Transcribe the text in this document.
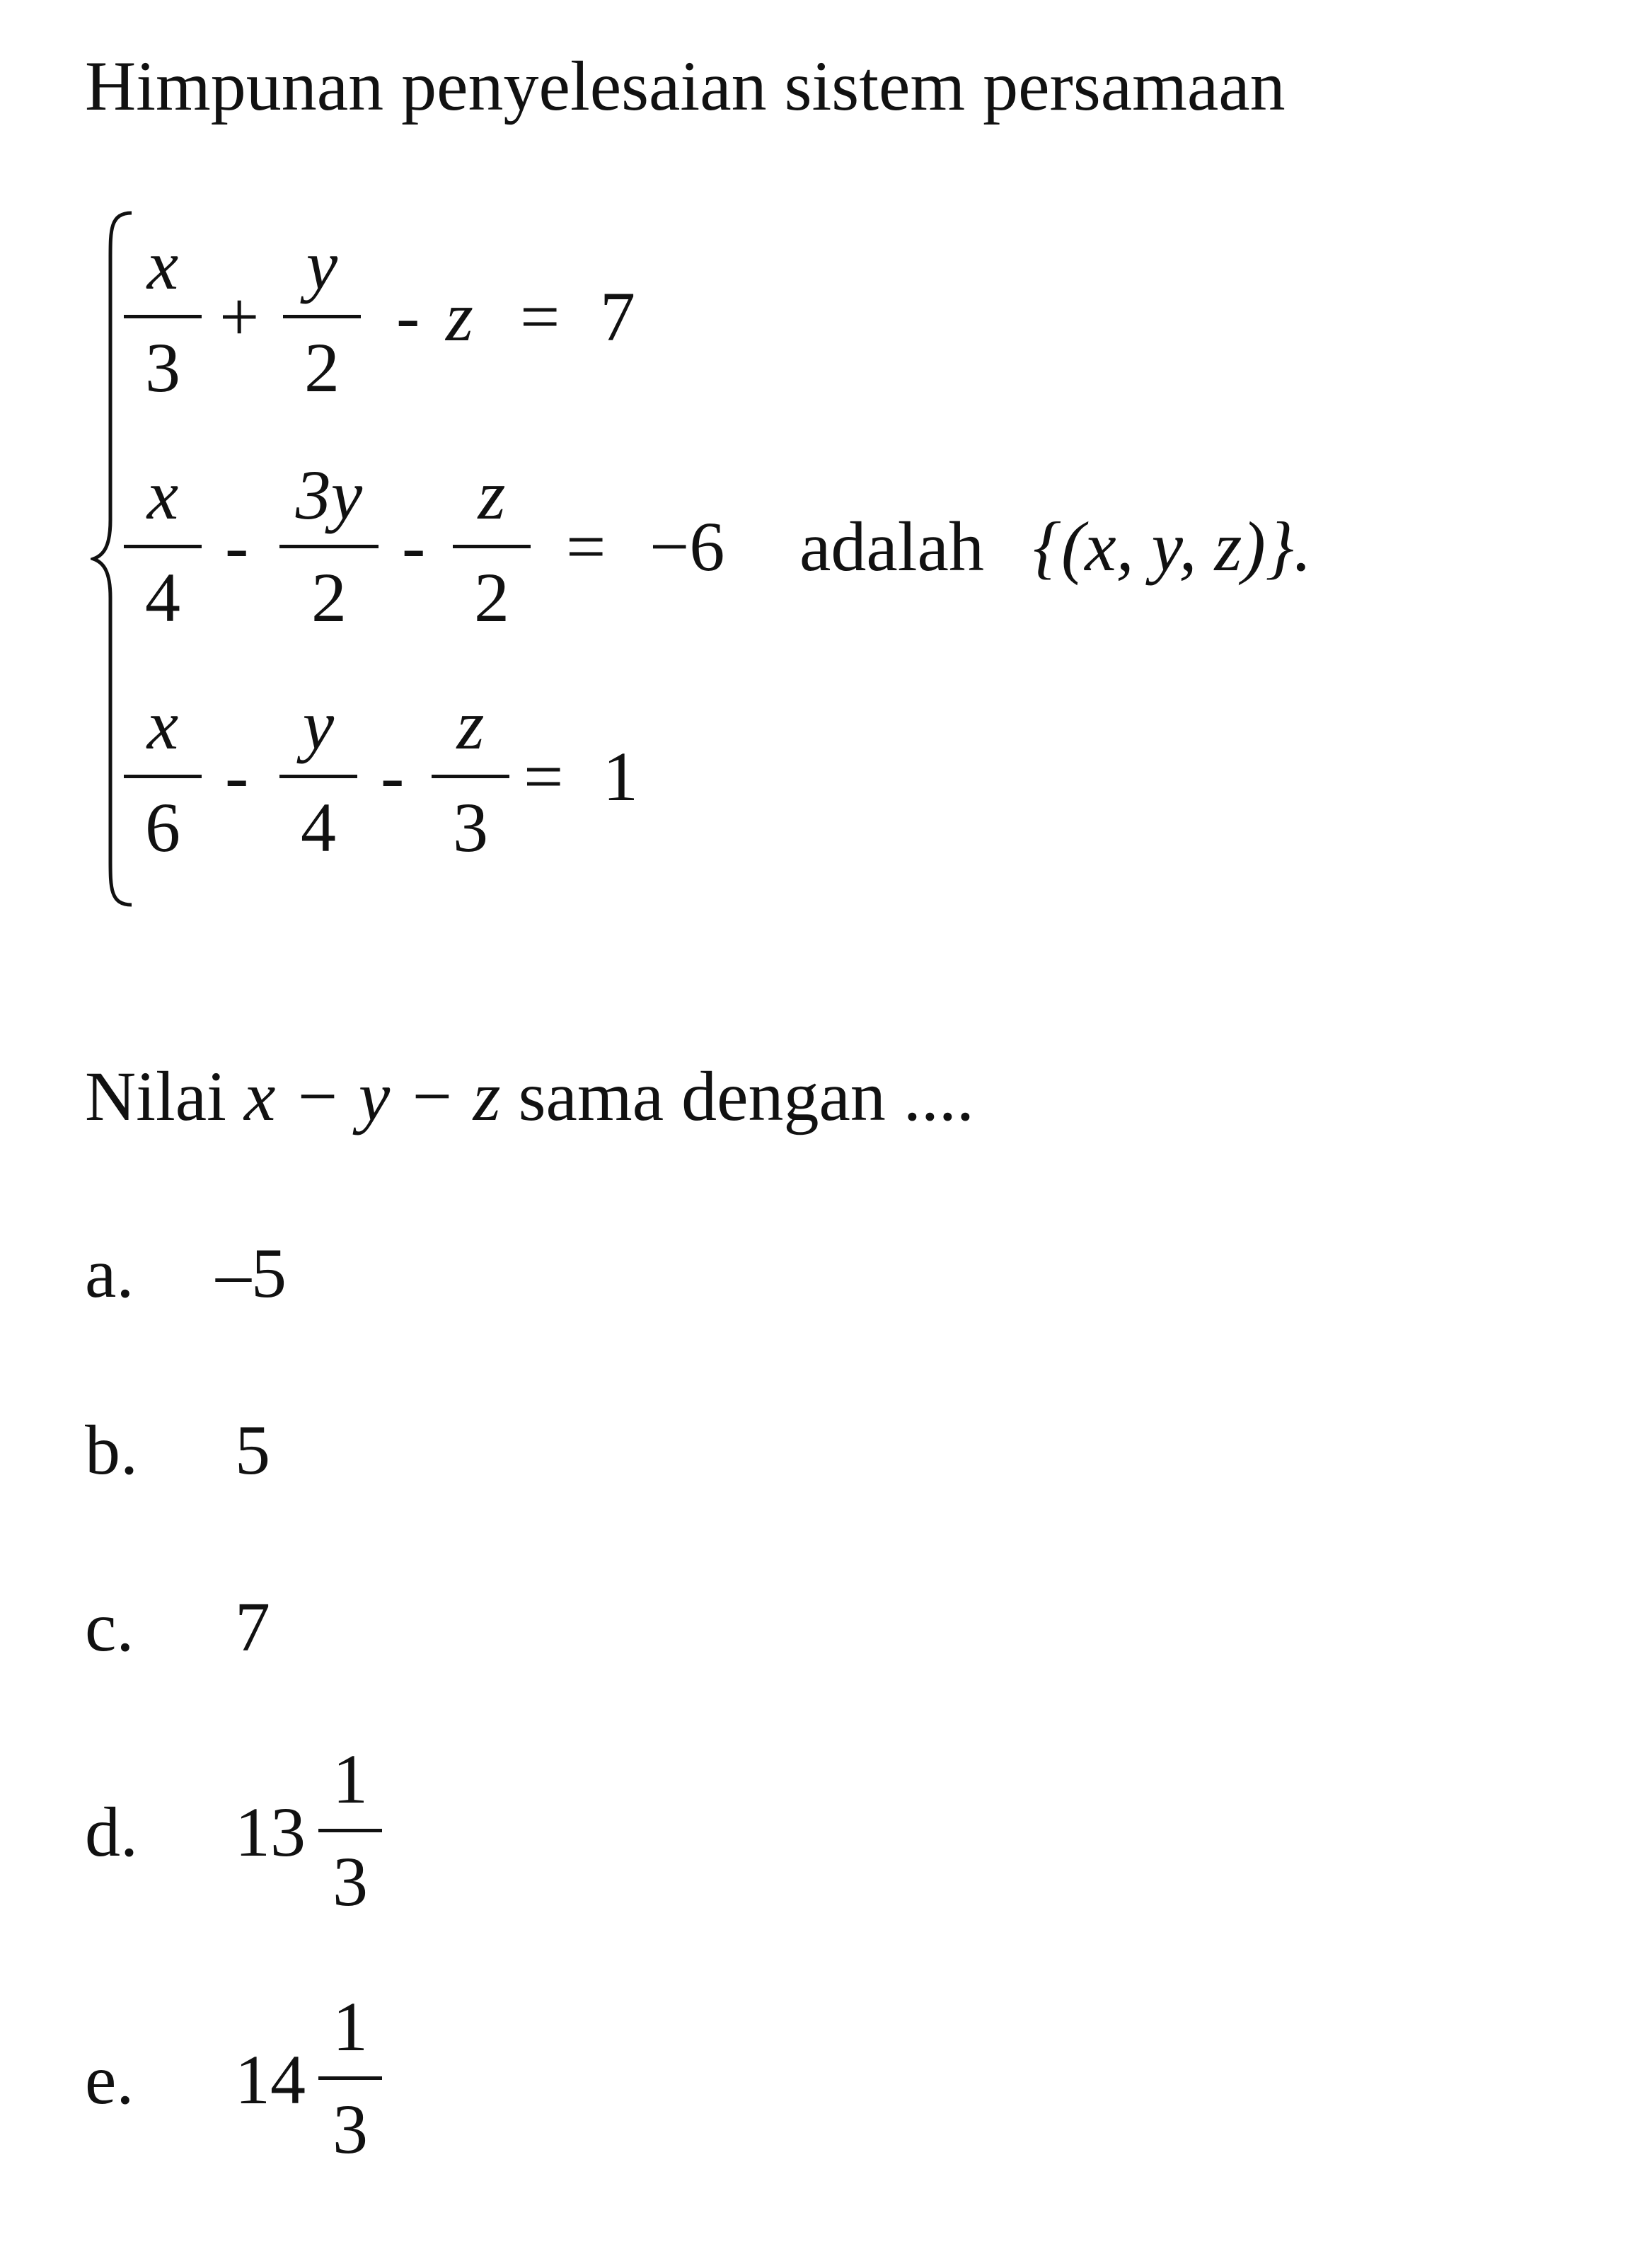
Himpunan penyelesaian sistem persamaan
x
3
+
y
2
- z = 7
x
4
-
3y
2
-
z
2
= −6 adalah {(x, y, z)}.
x
6
-
y
4
-
z
3
= 1
Nilai x − y − z sama dengan ....
a. –5
b. 5
c. 7
d. 13
1
3
e. 14
1
3
